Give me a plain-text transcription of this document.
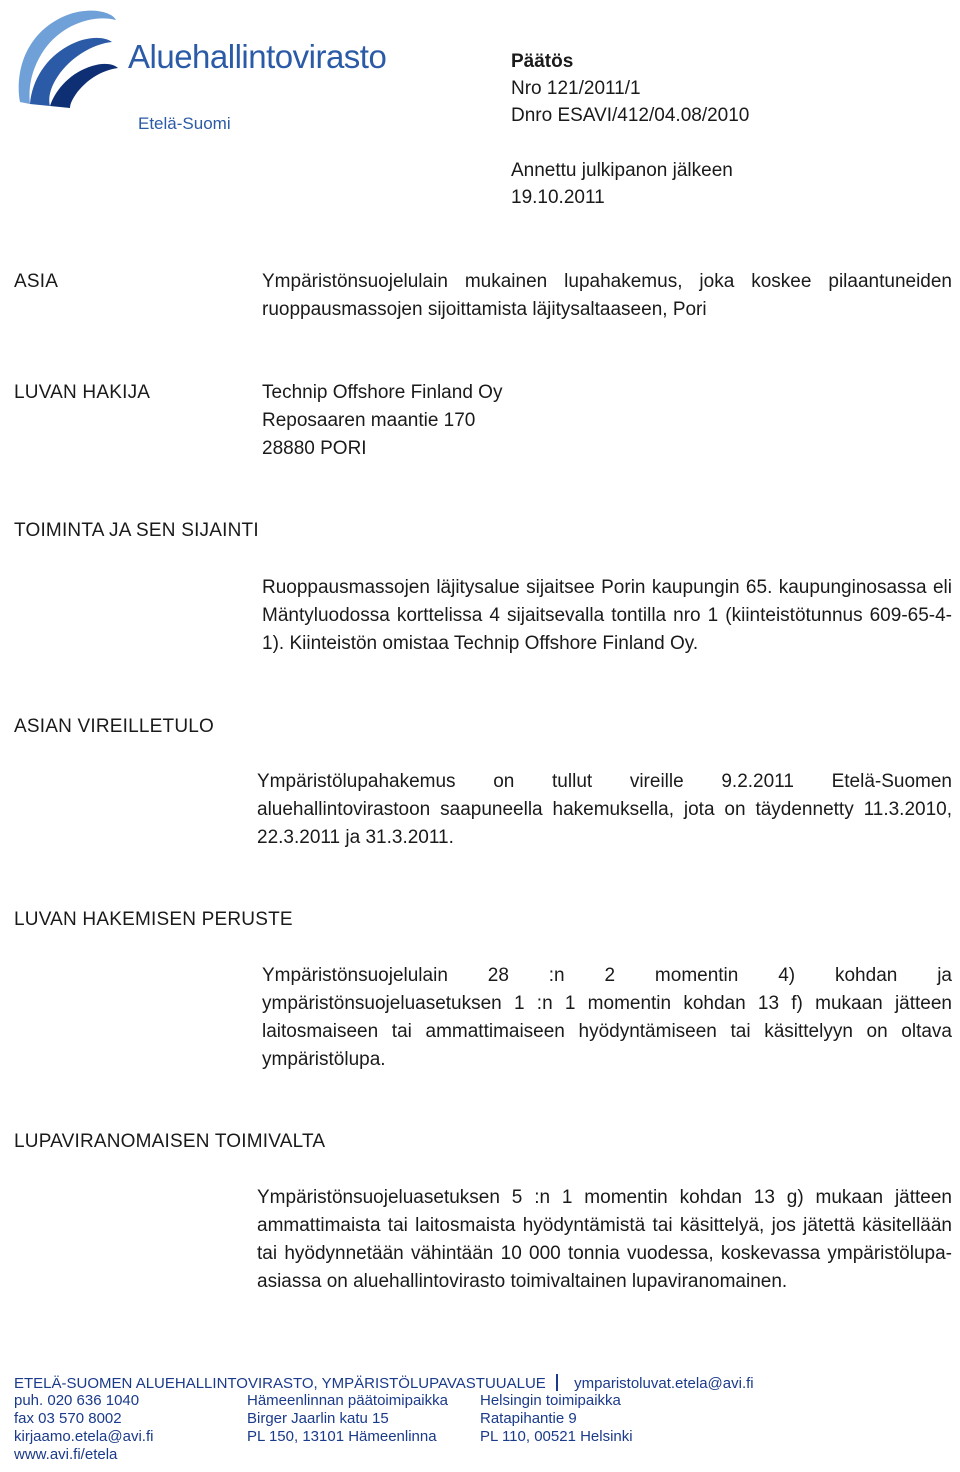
Aluehallintovirasto
Etelä-Suomi
Päätös
Nro 121/2011/1
Dnro ESAVI/412/04.08/2010
Annettu julkipanon jälkeen
19.10.2011
ASIA	Ympäristönsuojelulain mukainen lupahakemus, joka koskee pilaantuneiden ruoppausmassojen sijoittamista läjitysaltaaseen, Pori
LUVAN HAKIJA	Technip Offshore Finland Oy

Reposaaren maantie 170

28880 PORI

TOIMINTA JA SEN SIJAINTI
Ruoppausmassojen läjitysalue sijaitsee Porin kaupungin 65. kaupunginosassa eli Mäntyluodossa korttelissa 4 sijaitsevalla tontilla nro 1 (kiinteistötunnus 609-65-4-1). Kiinteistön omistaa Technip Offshore Finland Oy.
ASIAN VIREILLETULO
Ympäristölupahakemus on tullut vireille 9.2.2011 Etelä-Suomen aluehallintovirastoon saapuneella hakemuksella, jota on täydennetty 11.3.2010, 22.3.2011 ja 31.3.2011.
LUVAN HAKEMISEN PERUSTE
Ympäristönsuojelulain 28 :n 2 momentin 4) kohdan ja ympäristönsuojeluasetuksen 1 :n 1 momentin kohdan 13 f) mukaan jätteen laitosmaiseen tai ammattimaiseen hyödyntämiseen tai käsittelyyn on oltava ympäristölupa.
LUPAVIRANOMAISEN TOIMIVALTA
Ympäristönsuojeluasetuksen 5 :n 1 momentin kohdan 13 g) mukaan jätteen ammattimaista tai laitosmaista hyödyntämistä tai käsittelyä, jos jätettä käsitellään tai hyödynnetään vähintään 10 000 tonnia vuodessa, koskevassa ympäristölupa-asiassa on aluehallintovirasto toimivaltainen lupaviranomainen.
ETELÄ-SUOMEN ALUEHALLINTOVIRASTO, YMPÄRISTÖLUPAVASTUUALUE ymparistoluvat.etela@avi.fi
puh. 020 636 1040
fax 03 570 8002
kirjaamo.etela@avi.fi
www.avi.fi/etela
Hämeenlinnan päätoimipaikka
Birger Jaarlin katu 15
PL 150, 13101 Hämeenlinna
Helsingin toimipaikka
Ratapihantie 9
PL 110, 00521 Helsinki
